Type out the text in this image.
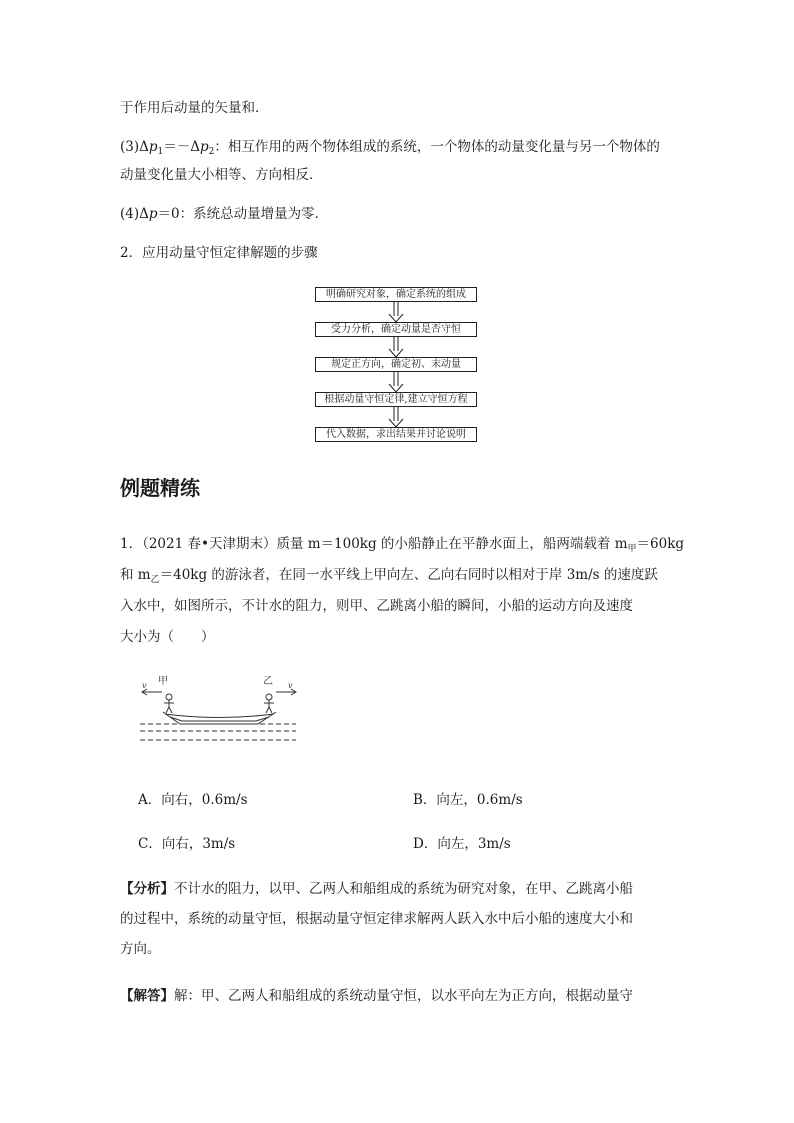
于作用后动量的矢量和．
$(3)\Delta p_1=-\Delta p_2$：相互作用的两个物体组成的系统，一个物体的动量变化量与另一个物体的
动量变化量大小相等、方向相反．
(4)Δp＝0：系统总动量增量为零．
2．应用动量守恒定律解题的步骤
明确研究对象，确定系统的组成
受力分析，确定动量是否守恒
规定正方向，确定初、末动量
根据动量守恒定律,建立守恒方程
代入数据，求出结果并讨论说明
例题精练
1．（2021 春•天津期末）质量 m＝100kg 的小船静止在平静水面上，船两端载着 $m_甲=60kg$
和 $m_乙=40kg$ 的游泳者，在同一水平线上甲向左、乙向右同时以相对于岸 3m/s 的速度跃
入水中，如图所示，不计水的阻力，则甲、乙跳离小船的瞬间，小船的运动方向及速度
大小为（　　）
甲	乙
v	v
A．向右，0.6m/s	B．向左，0.6m/s
C．向右，3m/s	D．向左，3m/s
【分析】不计水的阻力，以甲、乙两人和船组成的系统为研究对象，在甲、乙跳离小船
的过程中，系统的动量守恒，根据动量守恒定律求解两人跃入水中后小船的速度大小和
方向。
【解答】解：甲、乙两人和船组成的系统动量守恒，以水平向左为正方向，根据动量守
